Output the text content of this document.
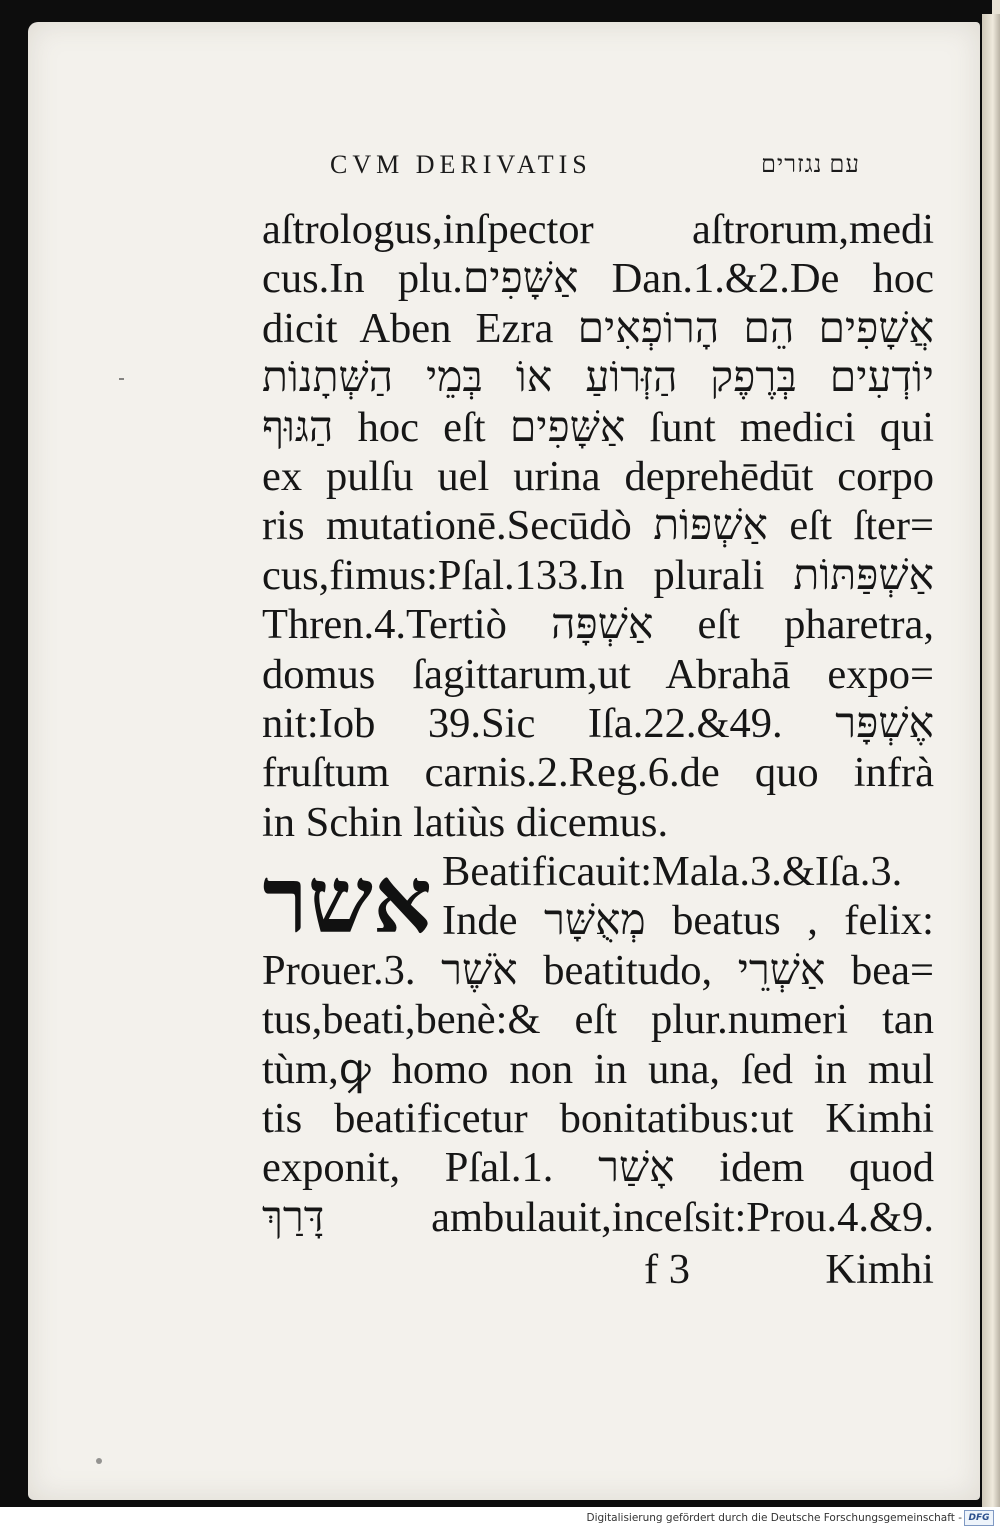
CVM DERIVATIS	עם נגזרים
aſtrologus,inſpector aſtrorum,medi
cus.In plu.אַשָּׁפִים Dan.1.&2.De hoc
dicit Aben Ezra אֲשָׁפִים הֵם הָרוֹפְאִים
יוֹדְעִים בְּרֶפֶק הַזְּרוֹעַ אוֹ בְּמֵי הַשְּׁתָנוֹת
הַגּוּף hoc eſt אַשָּׁפִים ſunt medici qui
ex pulſu uel urina deprehēdūt corpo
ris mutationē.Secūdò אַשְׁפּוֹת eſt ſter=
cus,fimus:Pſal.133.In plurali אַשְׁפַּתּוֹת
Thren.4.Tertiò אַשְׁפָּה eſt pharetra,
domus ſagittarum,ut Abrahā expo=
nit:Iob 39.Sic Iſa.22.&49. אֶשְׁפָּר
fruſtum carnis.2.Reg.6.de quo infrà
in Schin latiùs dicemus.
Beatificauit:Mala.3.&Iſa.3.
Inde מְאֻשָּׁר beatus , felix:
Prouer.3. אֹשֶׁר beatitudo, אַשְׁרֵי bea=
tus,beati,benè:& eſt plur.numeri tan
tùm,ꝙ homo non in una, ſed in mul
tis beatificetur bonitatibus:ut Kimhi
exponit, Pſal.1. אָשַׁר idem quod
דָּרַךְ ambulauit,inceſsit:Prou.4.&9.
אשר
f 3	Kimhi
Digitalisierung gefördert durch die Deutsche Forschungsgemeinschaft - DFG
